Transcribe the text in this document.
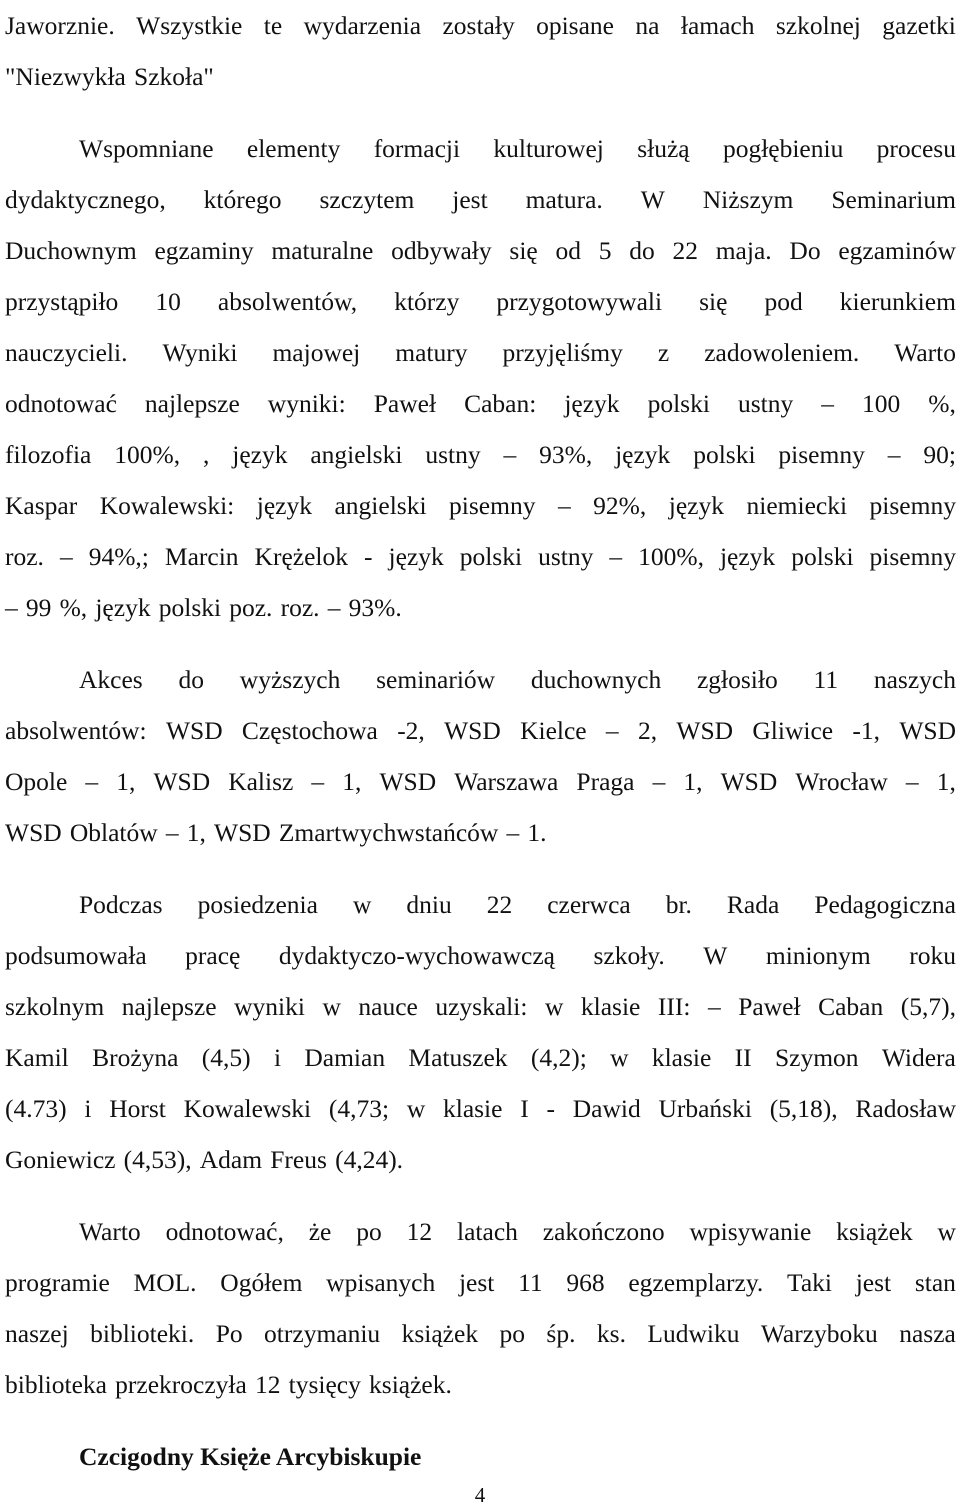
Jaworznie. Wszystkie te wydarzenia zostały opisane na łamach szkolnej gazetki
"Niezwykła Szkoła"
Wspomniane elementy formacji kulturowej służą pogłębieniu procesu
dydaktycznego, którego szczytem jest matura. W Niższym Seminarium
Duchownym egzaminy maturalne odbywały się od 5 do 22 maja. Do egzaminów
przystąpiło 10 absolwentów, którzy przygotowywali się pod kierunkiem
nauczycieli. Wyniki majowej matury przyjęliśmy z zadowoleniem. Warto
odnotować najlepsze wyniki: Paweł Caban: język polski ustny – 100 %,
filozofia 100%, , język angielski ustny – 93%, język polski pisemny – 90;
Kaspar Kowalewski: język angielski pisemny – 92%, język niemiecki pisemny
roz. – 94%,; Marcin Krężelok - język polski ustny – 100%, język polski pisemny
– 99 %, język polski poz. roz. – 93%.
Akces do wyższych seminariów duchownych zgłosiło 11 naszych
absolwentów: WSD Częstochowa -2, WSD Kielce – 2, WSD Gliwice -1, WSD
Opole – 1, WSD Kalisz – 1, WSD Warszawa Praga – 1, WSD Wrocław – 1,
WSD Oblatów – 1, WSD Zmartwychwstańców – 1.
Podczas posiedzenia w dniu 22 czerwca br. Rada Pedagogiczna
podsumowała pracę dydaktyczo-wychowawczą szkoły. W minionym roku
szkolnym najlepsze wyniki w nauce uzyskali: w klasie III: – Paweł Caban (5,7),
Kamil Brożyna (4,5) i Damian Matuszek (4,2); w klasie II Szymon Widera
(4.73) i Horst Kowalewski (4,73; w klasie I - Dawid Urbański (5,18), Radosław
Goniewicz (4,53), Adam Freus (4,24).
Warto odnotować, że po 12 latach zakończono wpisywanie książek w
programie MOL. Ogółem wpisanych jest 11 968 egzemplarzy. Taki jest stan
naszej biblioteki. Po otrzymaniu książek po śp. ks. Ludwiku Warzyboku nasza
biblioteka przekroczyła 12 tysięcy książek.
Czcigodny Księże Arcybiskupie
4
